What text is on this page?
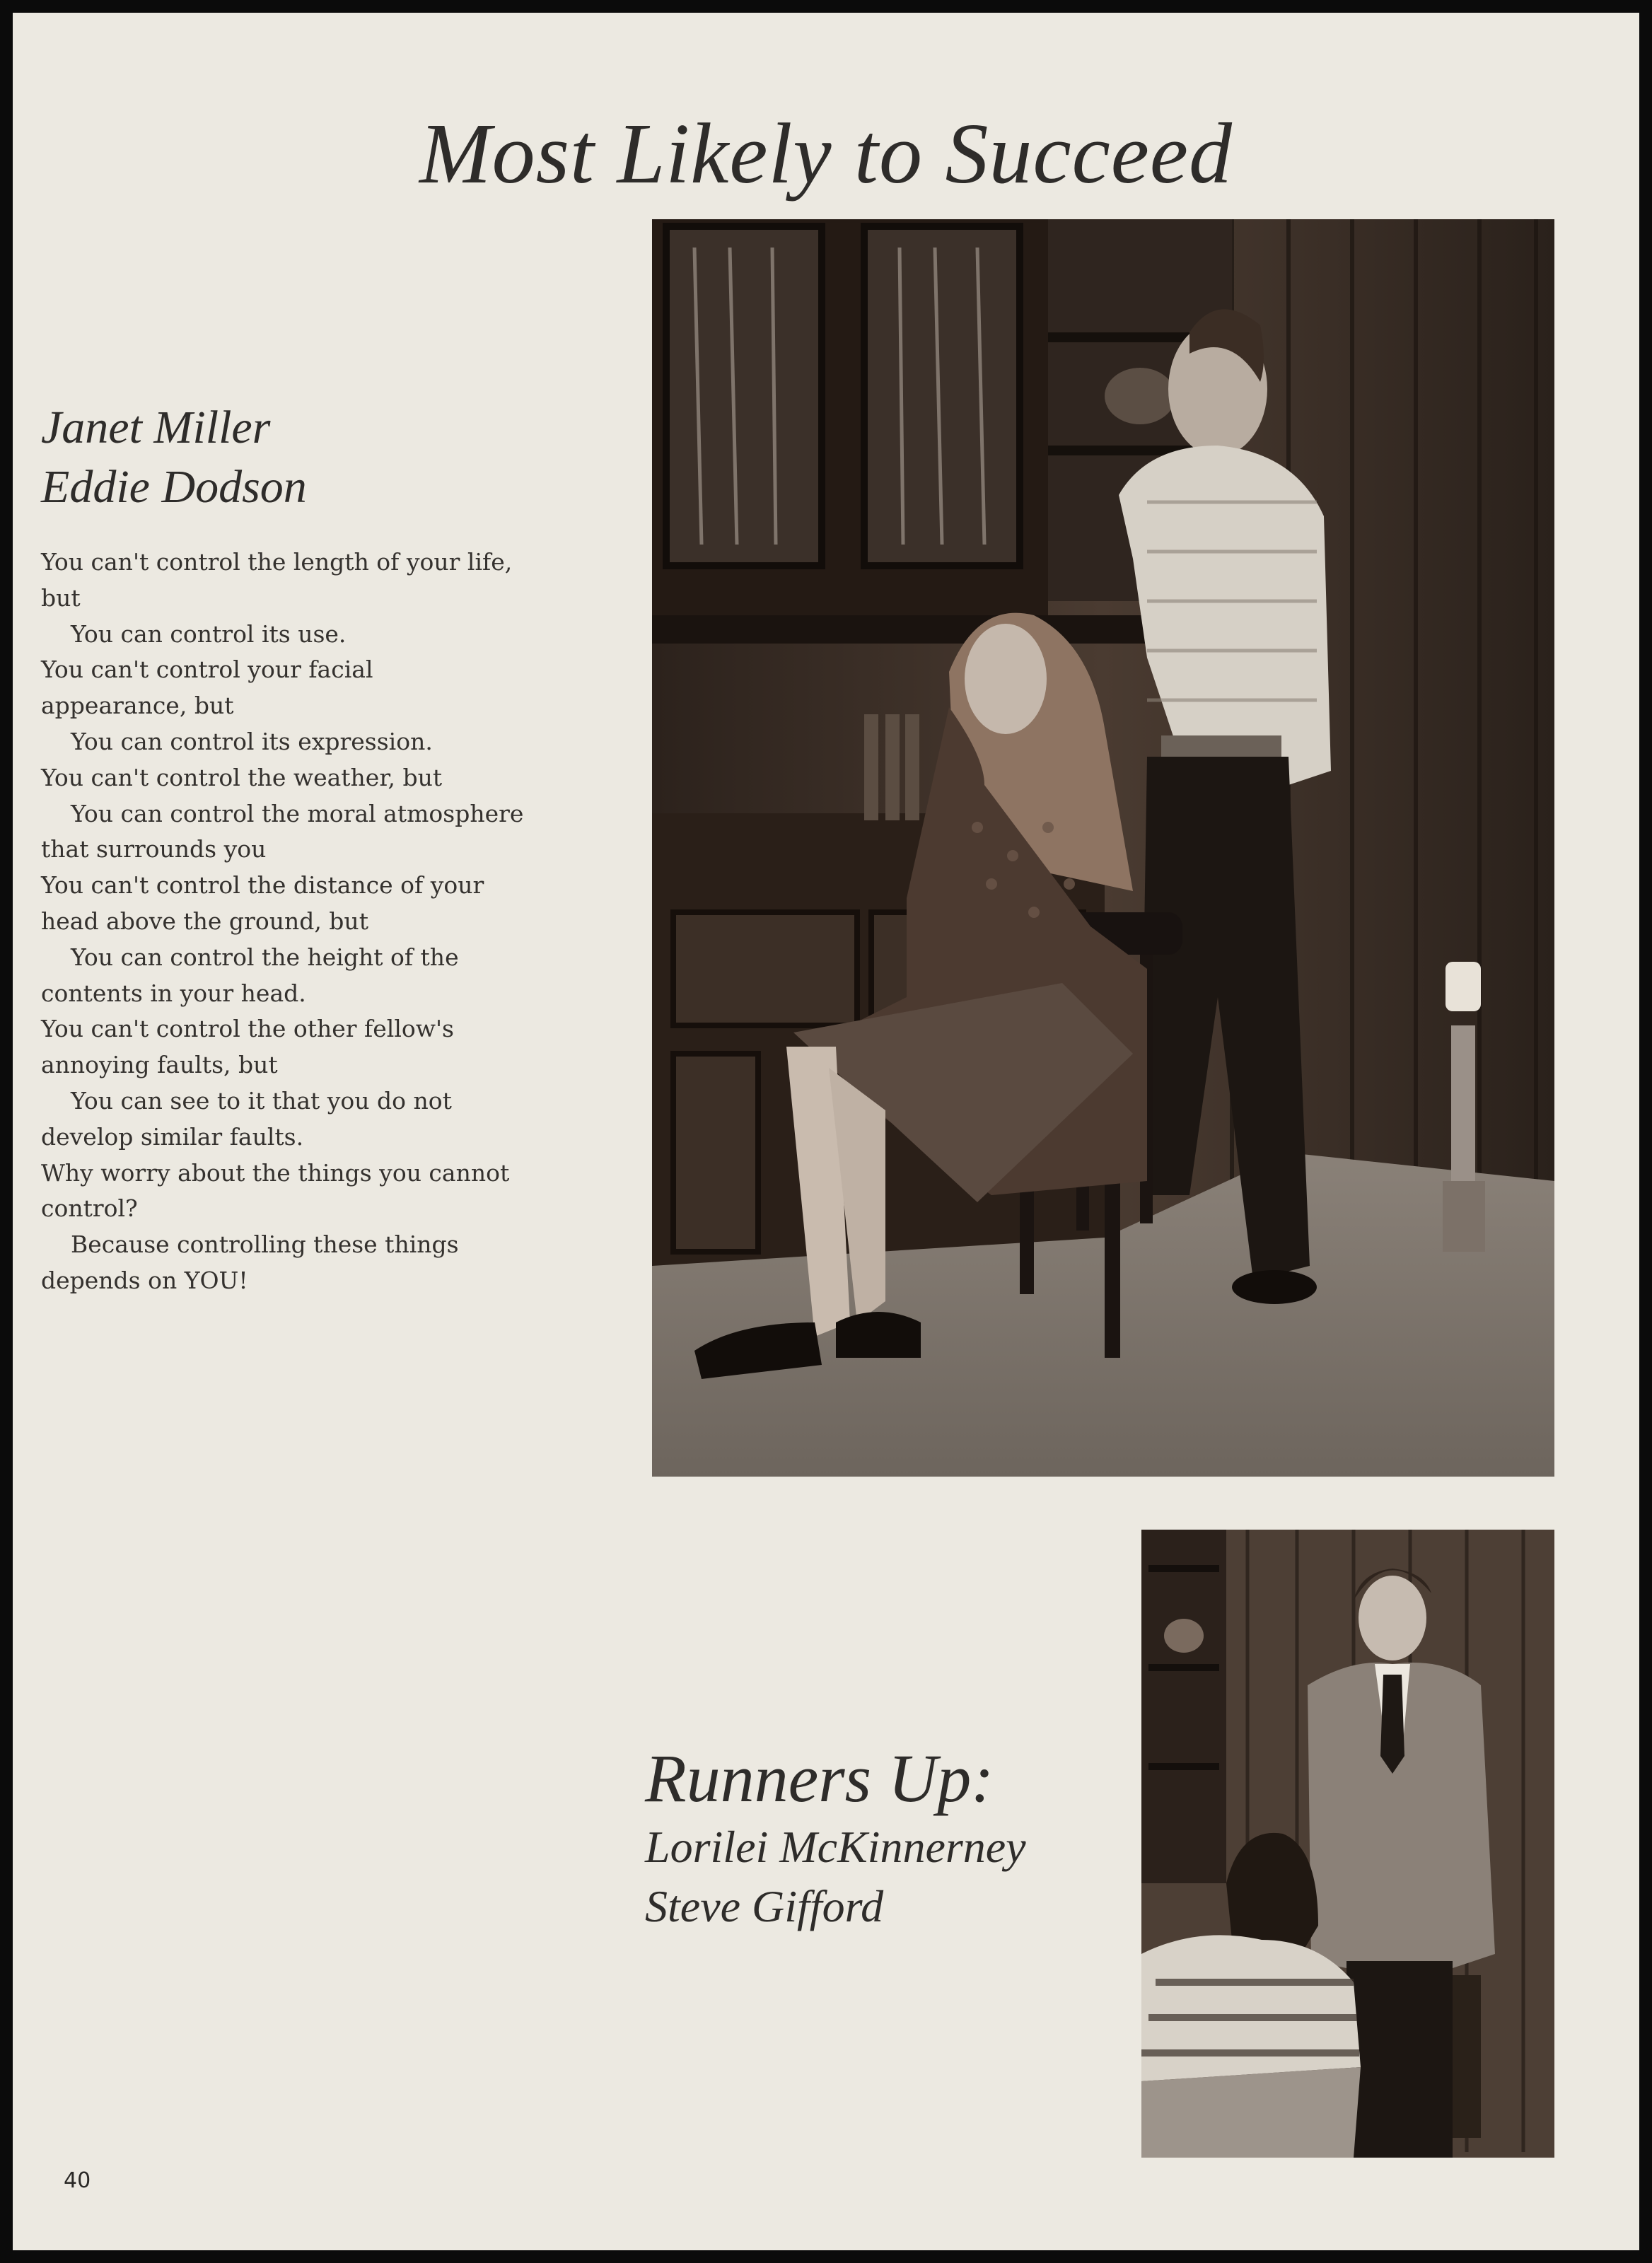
Most Likely to Succeed
Janet Miller
Eddie Dodson
You can't control the length of your life,
but
You can control its use.
You can't control your facial
appearance, but
You can control its expression.
You can't control the weather, but
You can control the moral atmosphere
that surrounds you
You can't control the distance of your
head above the ground, but
You can control the height of the
contents in your head.
You can't control the other fellow's
annoying faults, but
You can see to it that you do not
develop similar faults.
Why worry about the things you cannot
control?
Because controlling these things
depends on YOU!
Runners Up:
Lorilei McKinnerney
Steve Gifford
40
